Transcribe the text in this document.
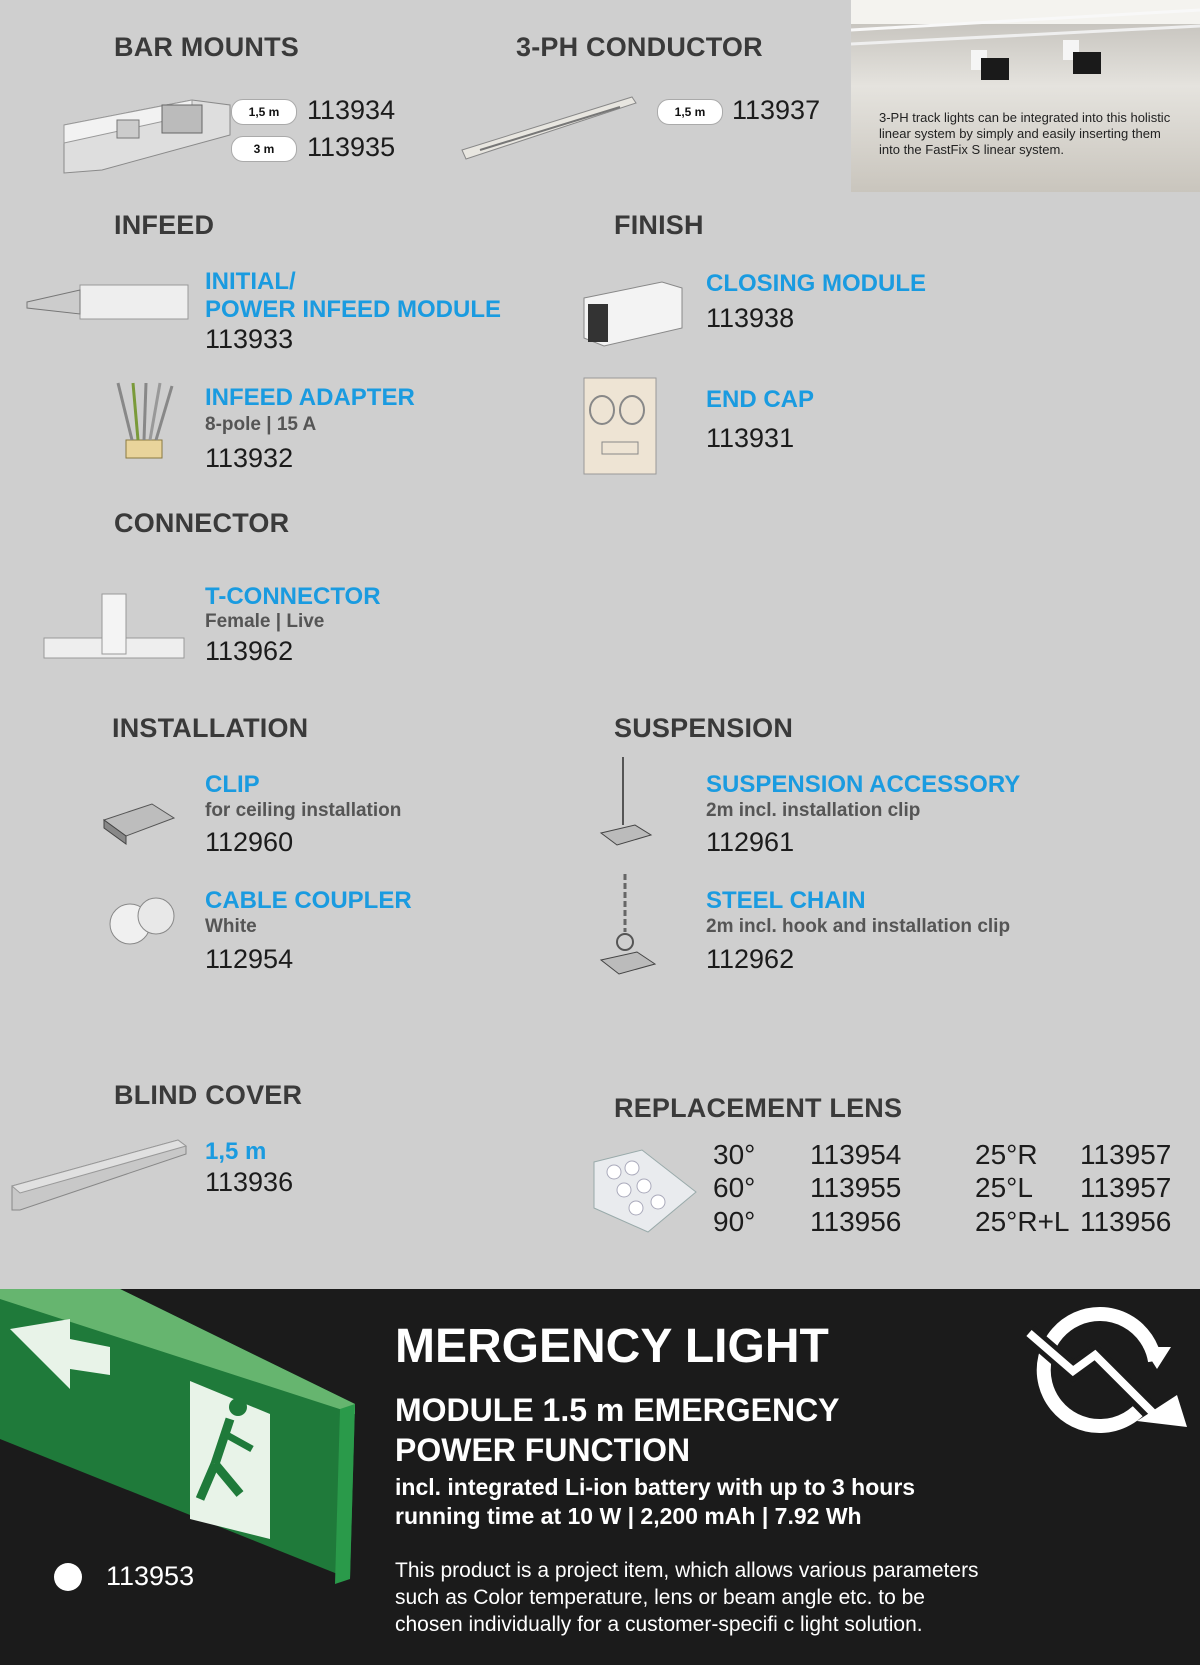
BAR MOUNTS
1,5 m	113934
3 m	113935
3-PH CONDUCTOR
1,5 m 113937	3-PH track lights can be integrated into this holistic linear system by simply and easily inserting them into the FastFix S linear system.
INFEED
INITIAL/
POWER INFEED MODULE
113933
INFEED ADAPTER
8-pole | 15 A
113932
FINISH
CLOSING MODULE
113938
END CAP
113931
CONNECTOR
T-CONNECTOR
Female | Live
113962
INSTALLATION
CLIP
for ceiling installation
112960
CABLE COUPLER
White
112954
SUSPENSION
SUSPENSION ACCESSORY
2m incl. installation clip
112961
STEEL CHAIN
2m incl. hook and installation clip
112962
BLIND COVER
1,5 m
113936
REPLACEMENT LENS
30° 113954	25°R 113957
60° 113955	25°L 113957
90° 113956	25°R+L 113956
MERGENCY LIGHT
MODULE 1.5 m EMERGENCY
POWER FUNCTION
incl. integrated Li-ion battery with up to 3 hours
running time at 10 W | 2,200 mAh | 7.92 Wh
This product is a project item, which allows various parameters
such as Color temperature, lens or beam angle etc. to be
chosen individually for a customer-specifi c light solution.
113953
